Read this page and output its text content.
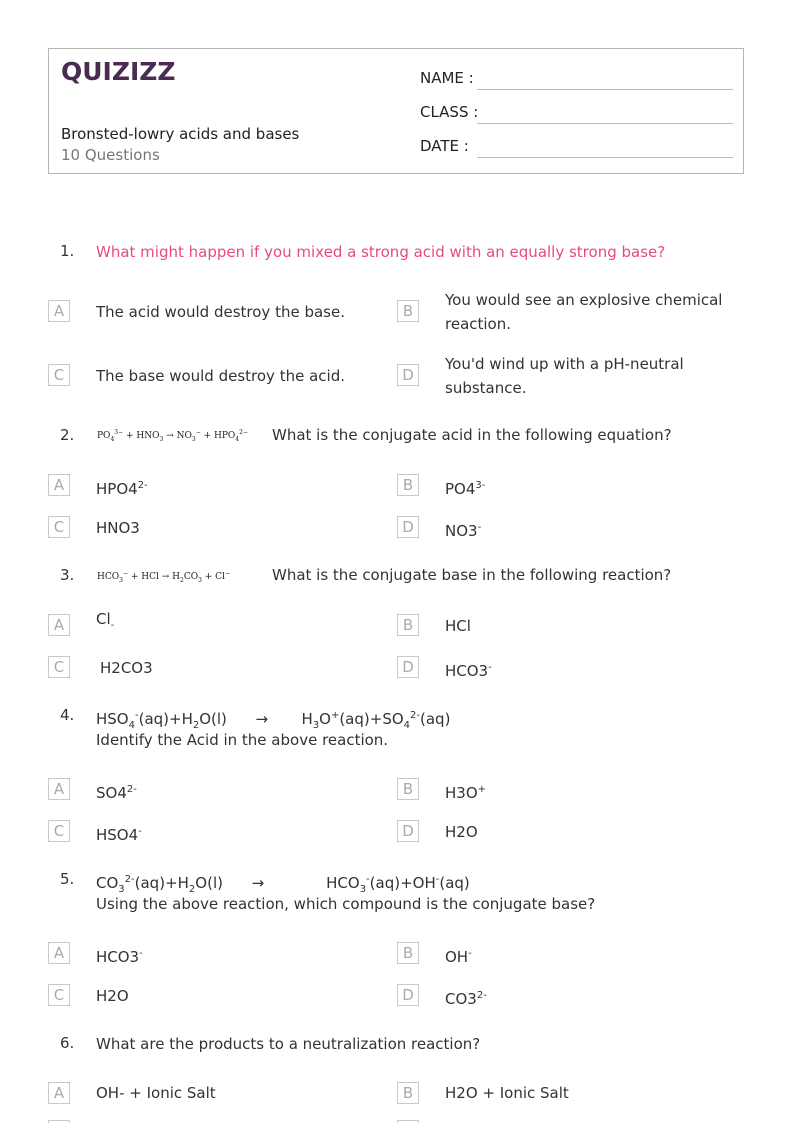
QUIZIZZ
Bronsted-lowry acids and bases
10 Questions
NAME :
CLASS :
DATE :
1. What might happen if you mixed a strong acid with an equally strong base?
A	The acid would destroy the base.	B
You would see an explosive chemical reaction.
C	The base would destroy the acid.	D
You'd wind up with a pH-neutral substance.
2.	$PO_4^{3-} + HNO_3 \to NO_3^- + HPO_4^{2-}$ What is the conjugate acid in the following equation?
A	$HPO4^{2-}$	B	$PO4^{3-}$
C	HNO3	D	NO3-
3.	$HCO_3^-$ + HCl → $H_2CO_3 + Cl^-$	What is the conjugate base in the following reaction?
A	$Cl_-$	B	HCl
C	H2CO3	D	HCO3-
4. $HSO_4^-(aq)+H_2O(l)$      →       $H_3O^+(aq)+SO_4^{2-}(aq)$
Identify the Acid in the above reaction.
A	$SO4^{2-}$	B	H3O+
C	HSO4-	D	H2O
5. $CO_3^{2-}(aq)+H_2O(l)$      →             $HCO_3^-(aq)+OH^-(aq)$
Using the above reaction, which compound is the conjugate base?
A	HCO3-	B	OH-
C	H2O	D	$CO3^{2-}$
6. What are the products to a neutralization reaction?
A	OH- + Ionic Salt	B	H2O + Ionic Salt
